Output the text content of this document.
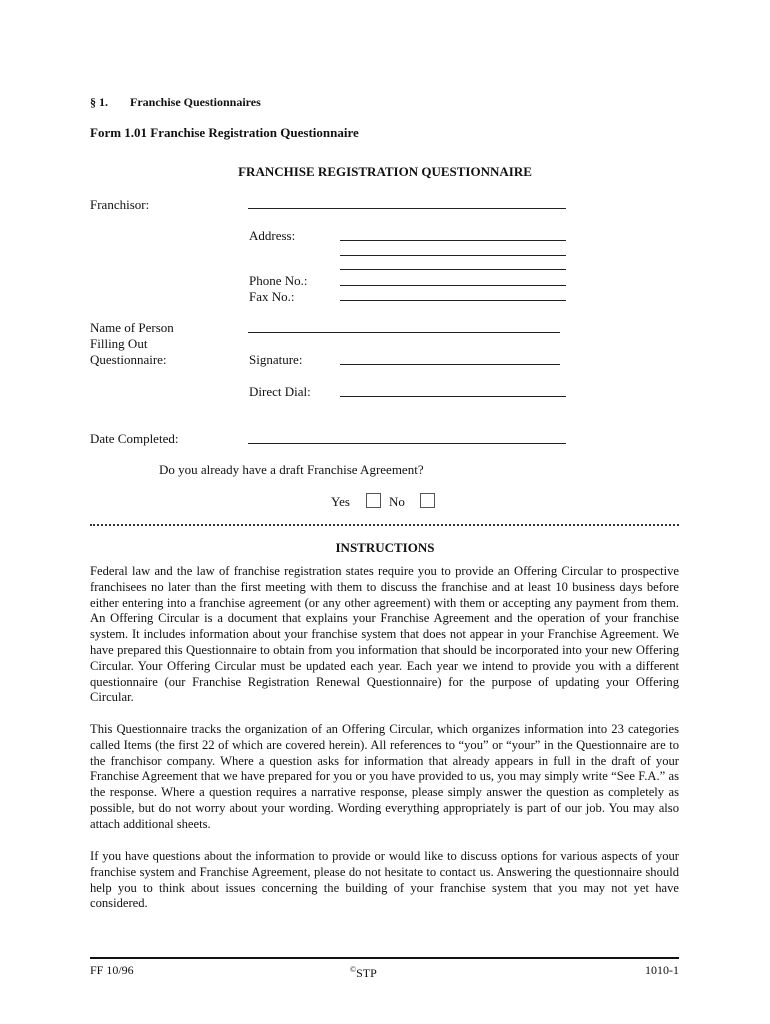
§ 1. Franchise Questionnaires
Form 1.01 Franchise Registration Questionnaire
FRANCHISE REGISTRATION QUESTIONNAIRE
Franchisor:
Address:
Phone No.:
Fax No.:
Name of Person
Filling Out
Questionnaire:	Signature:
Direct Dial:
Date Completed:
Do you already have a draft Franchise Agreement?
Yes	No
INSTRUCTIONS
Federal law and the law of franchise registration states require you to provide an Offering Circular to prospective franchisees no later than the first meeting with them to discuss the franchise and at least 10 business days before either entering into a franchise agreement (or any other agreement) with them or accepting any payment from them. An Offering Circular is a document that explains your Franchise Agreement and the operation of your franchise system. It includes information about your franchise system that does not appear in your Franchise Agreement. We have prepared this Questionnaire to obtain from you information that should be incorporated into your new Offering Circular. Your Offering Circular must be updated each year. Each year we intend to provide you with a different questionnaire (our Franchise Registration Renewal Questionnaire) for the purpose of updating your Offering Circular.
This Questionnaire tracks the organization of an Offering Circular, which organizes information into 23 categories called Items (the first 22 of which are covered herein). All references to “you” or “your” in the Questionnaire are to the franchisor company. Where a question asks for information that already appears in full in the draft of your Franchise Agreement that we have prepared for you or you have provided to us, you may simply write “See F.A.” as the response. Where a question requires a narrative response, please simply answer the question as completely as possible, but do not worry about your wording. Wording everything appropriately is part of our job. You may also attach additional sheets.
If you have questions about the information to provide or would like to discuss options for various aspects of your franchise system and Franchise Agreement, please do not hesitate to contact us. Answering the questionnaire should help you to think about issues concerning the building of your franchise system that you may not yet have considered.
FF 10/96	©STP	1010-1
